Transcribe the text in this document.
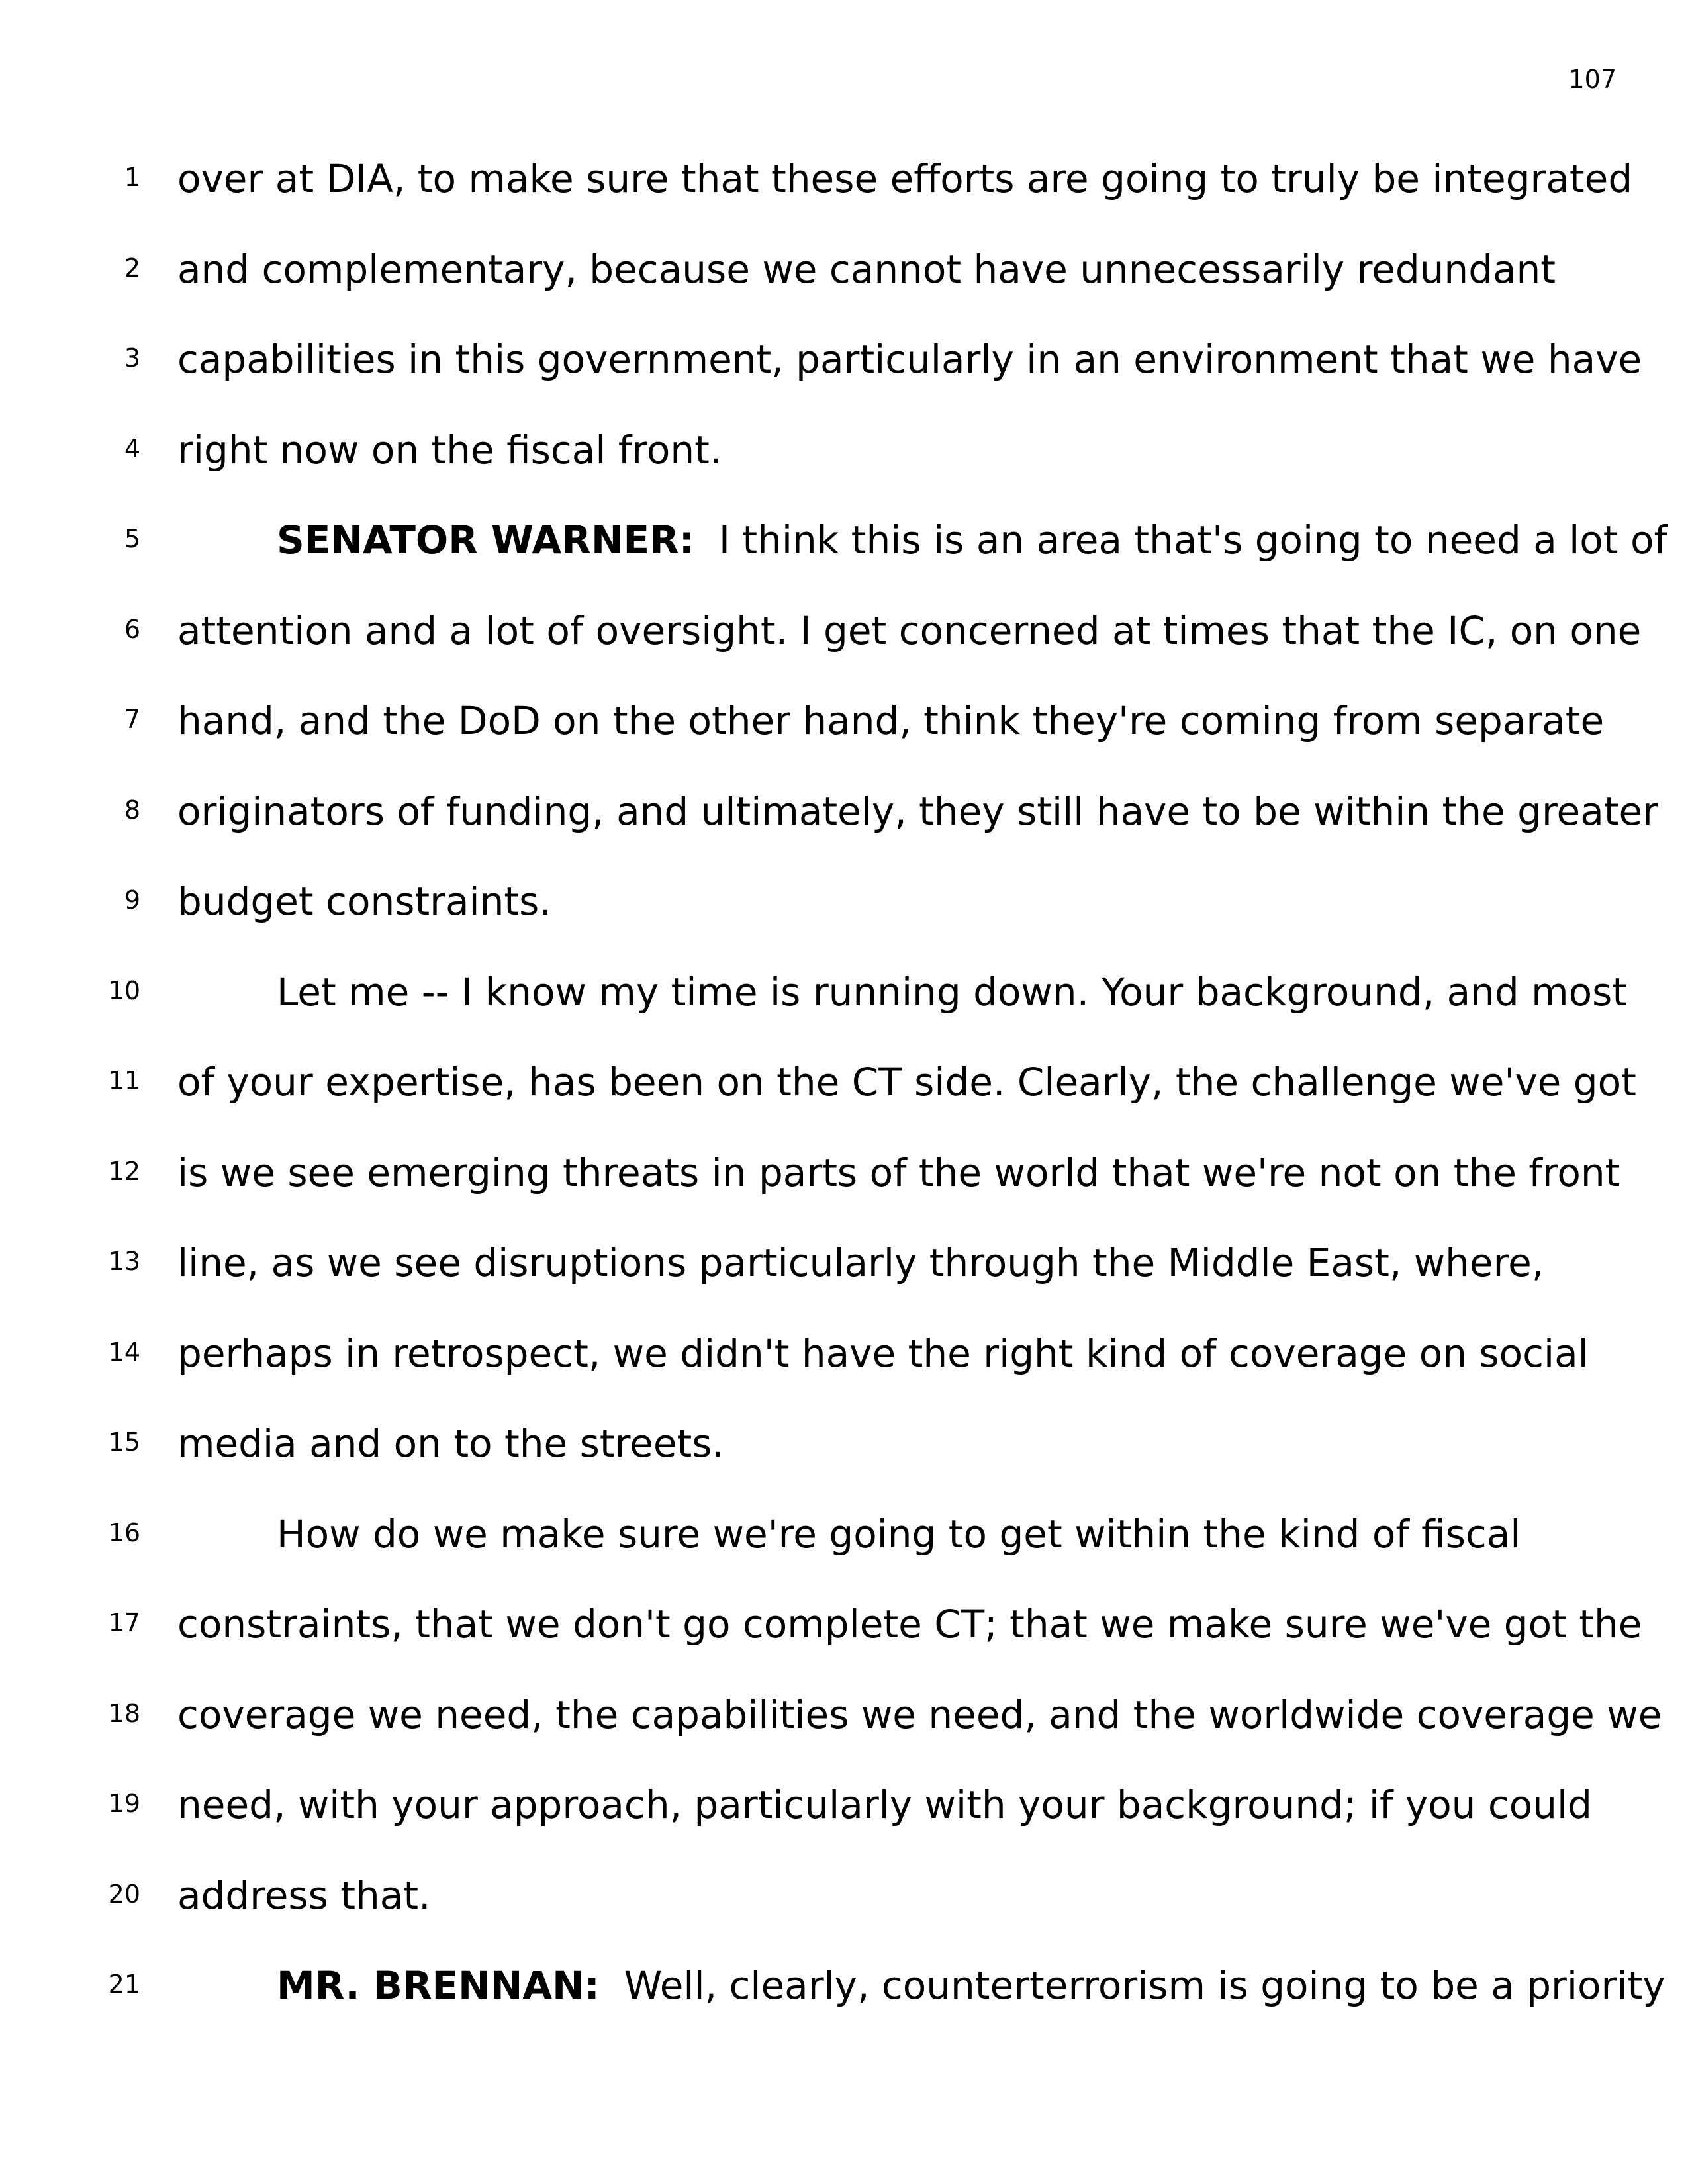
107
1 over at DIA, to make sure that these efforts are going to truly be integrated
2 and complementary, because we cannot have unnecessarily redundant
3 capabilities in this government, particularly in an environment that we have
4 right now on the fiscal front.
5	SENATOR WARNER: I think this is an area that's going to need a lot of
6 attention and a lot of oversight. I get concerned at times that the IC, on one
7 hand, and the DoD on the other hand, think they're coming from separate
8 originators of funding, and ultimately, they still have to be within the greater
9 budget constraints.
10	Let me -- I know my time is running down. Your background, and most
11 of your expertise, has been on the CT side. Clearly, the challenge we've got
12 is we see emerging threats in parts of the world that we're not on the front
13 line, as we see disruptions particularly through the Middle East, where,
14 perhaps in retrospect, we didn't have the right kind of coverage on social
15 media and on to the streets.
16	How do we make sure we're going to get within the kind of fiscal
17 constraints, that we don't go complete CT; that we make sure we've got the
18 coverage we need, the capabilities we need, and the worldwide coverage we
19 need, with your approach, particularly with your background; if you could
20 address that.
21	MR. BRENNAN: Well, clearly, counterterrorism is going to be a priority
